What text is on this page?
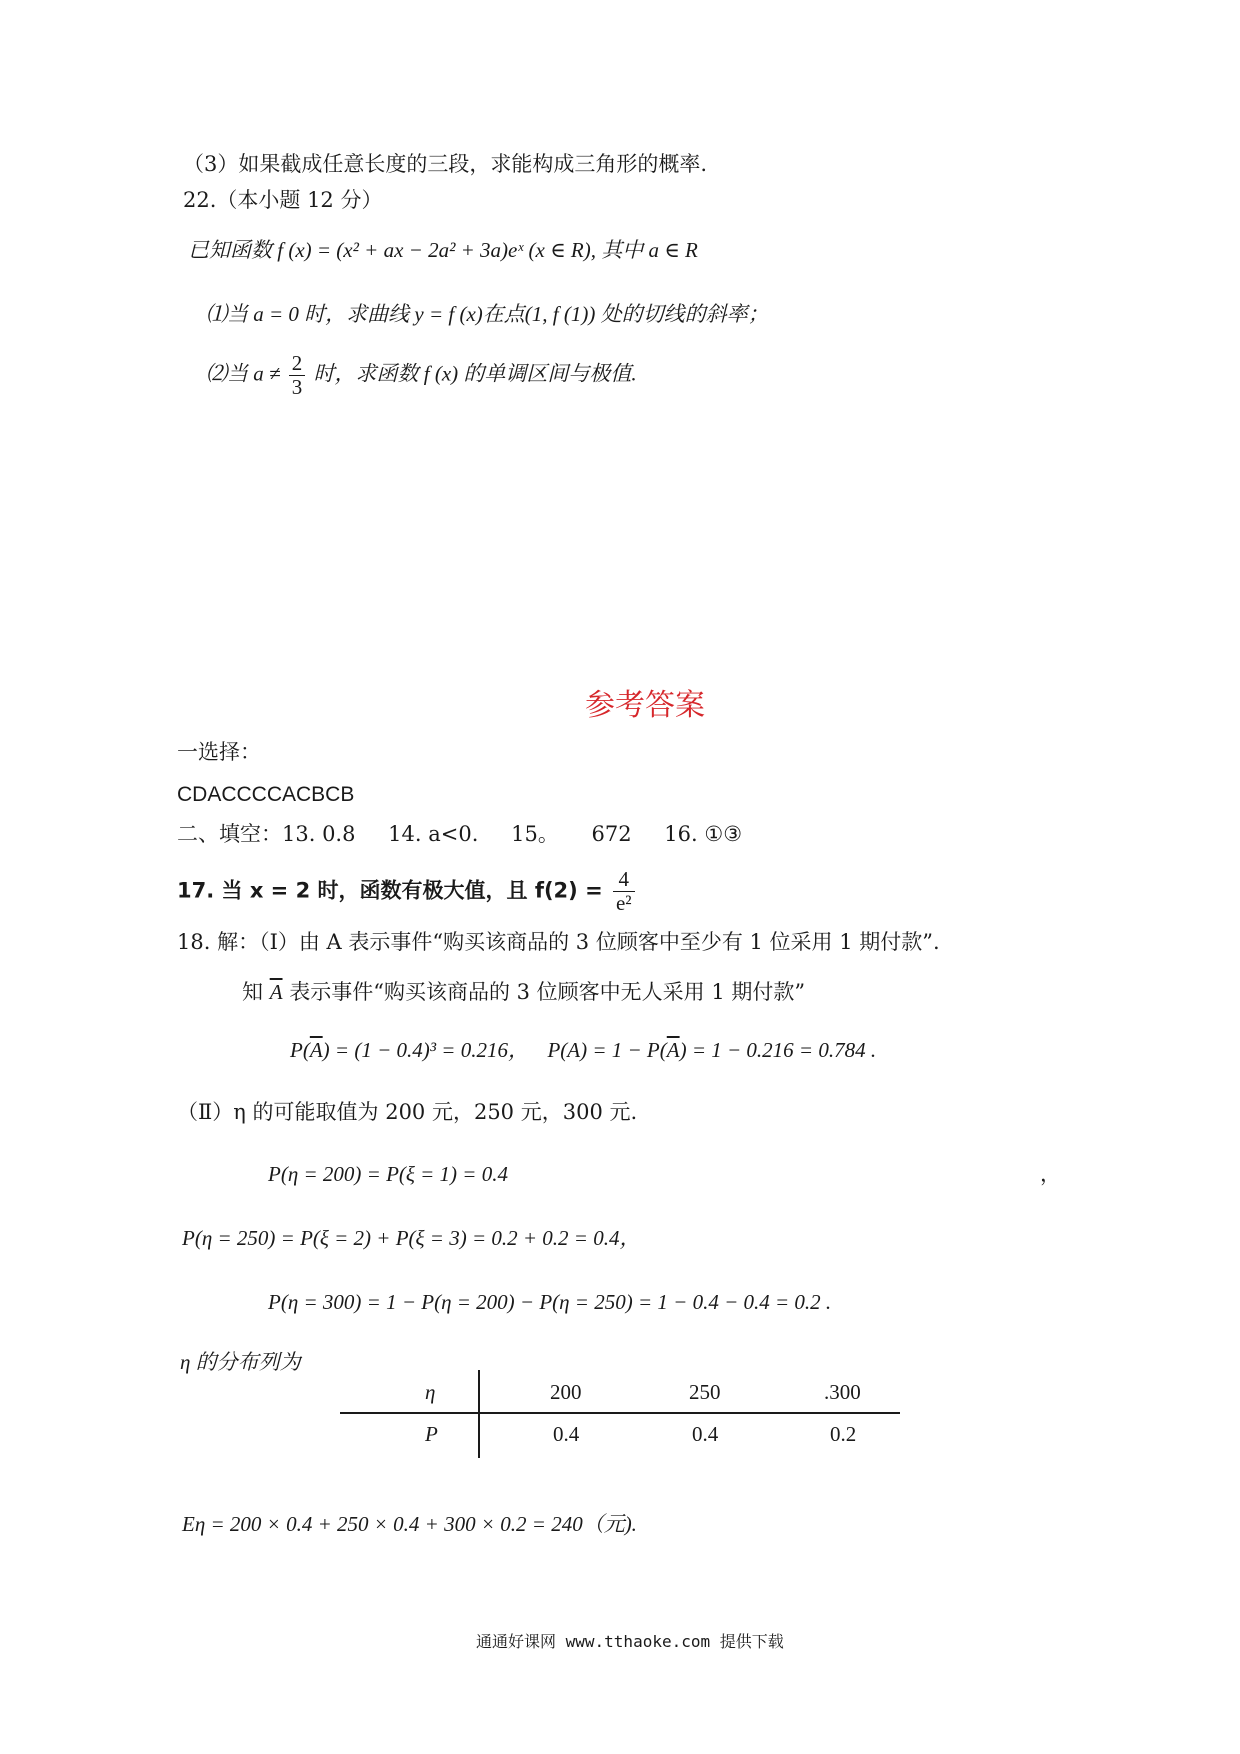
（3）如果截成任意长度的三段，求能构成三角形的概率.
22.（本小题 12 分）
已知函数 f (x) = (x² + ax − 2a² + 3a)eˣ (x ∈ R), 其中 a ∈ R
⑴当 a = 0 时，求曲线 y = f (x)在点(1, f (1)) 处的切线的斜率；
⑵当 $a \ne \frac{2}{3}$ 时，求函数 f (x) 的单调区间与极值.
参考答案
一选择：
CDACCCCACBCB
二、填空：13. 0.8 14. a<0. 15。 672 16. ①③
17. 当 x = 2 时，函数有极大值，且 $f(2) = \frac{4}{\text{e²}}$
18. 解：（Ⅰ）由 A 表示事件“购买该商品的 3 位顾客中至少有 1 位采用 1 期付款”.
知 $\overline{A}$ 表示事件“购买该商品的 3 位顾客中无人采用 1 期付款”
$P(\overline{A}) = (1 - 0.4)^3 = 0.216$， $P(A) = 1 - P(\overline{A}) = 1 - 0.216 = 0.784$ .
（Ⅱ）η 的可能取值为 200 元，250 元，300 元.
P(η = 200) = P(ξ = 1) = 0.4	，
P(η = 250) = P(ξ = 2) + P(ξ = 3) = 0.2 + 0.2 = 0.4，
P(η = 300) = 1 − P(η = 200) − P(η = 250) = 1 − 0.4 − 0.4 = 0.2 .
η 的分布列为
η	200	250	.300
P	0.4	0.4	0.2
Eη = 200 × 0.4 + 250 × 0.4 + 300 × 0.2 = 240（元).
通通好课网 www.tthaoke.com 提供下载
